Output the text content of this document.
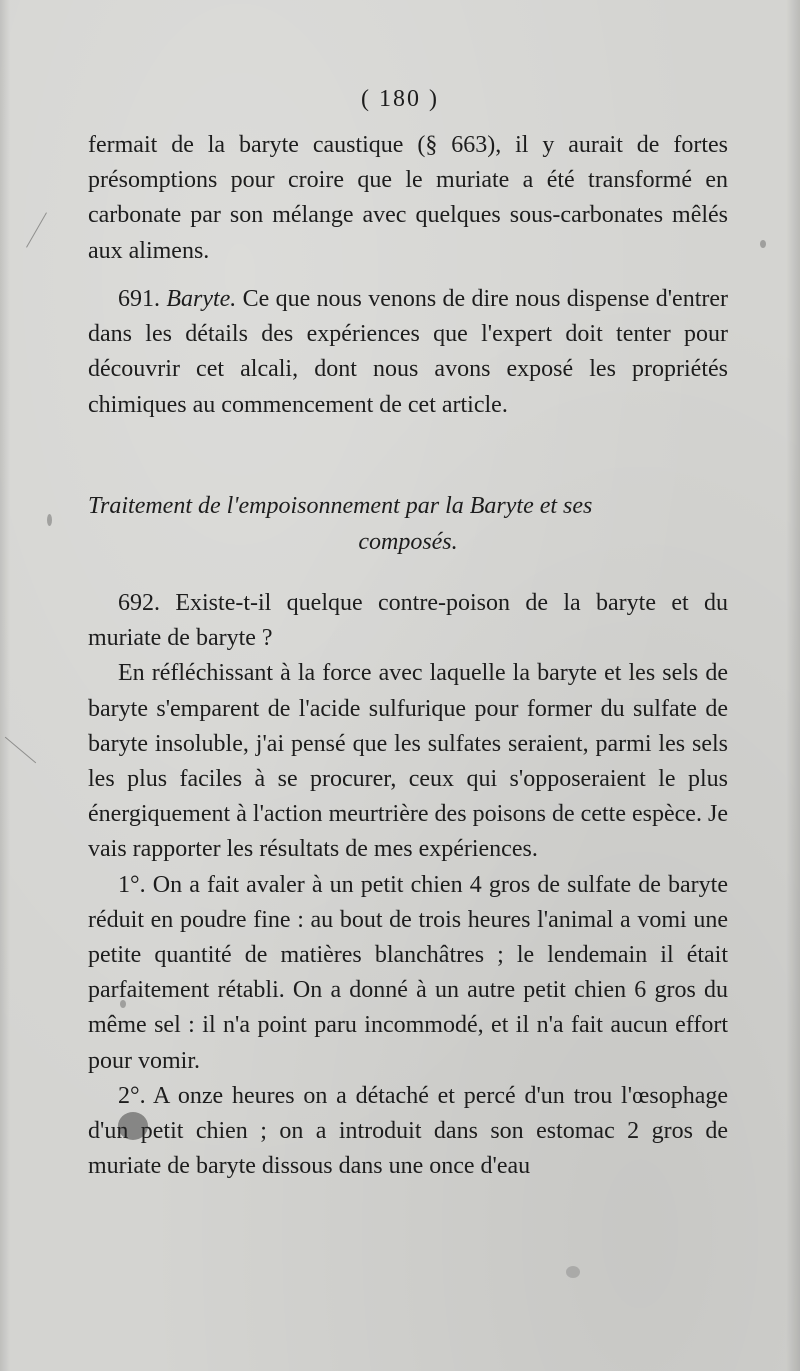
( 180 )

fermait de la baryte caustique (§ 663), il y aurait de fortes présomptions pour croire que le muriate a été transformé en carbonate par son mélange avec quelques sous-carbonates mêlés aux alimens.

691. Baryte. Ce que nous venons de dire nous dispense d'entrer dans les détails des expériences que l'expert doit tenter pour découvrir cet alcali, dont nous avons exposé les propriétés chimiques au commencement de cet article.

Traitement de l'empoisonnement par la Baryte et ses
composés.

692. Existe-t-il quelque contre-poison de la baryte et du muriate de baryte ?

En réfléchissant à la force avec laquelle la baryte et les sels de baryte s'emparent de l'acide sulfurique pour former du sulfate de baryte insoluble, j'ai pensé que les sulfates seraient, parmi les sels les plus faciles à se procurer, ceux qui s'opposeraient le plus énergiquement à l'action meurtrière des poisons de cette espèce. Je vais rapporter les résultats de mes expériences.

1°. On a fait avaler à un petit chien 4 gros de sulfate de baryte réduit en poudre fine : au bout de trois heures l'animal a vomi une petite quantité de matières blanchâtres ; le lendemain il était parfaitement rétabli. On a donné à un autre petit chien 6 gros du même sel : il n'a point paru incommodé, et il n'a fait aucun effort pour vomir.

2°. A onze heures on a détaché et percé d'un trou l'œsophage d'un petit chien ; on a introduit dans son estomac 2 gros de muriate de baryte dissous dans une once d'eau
